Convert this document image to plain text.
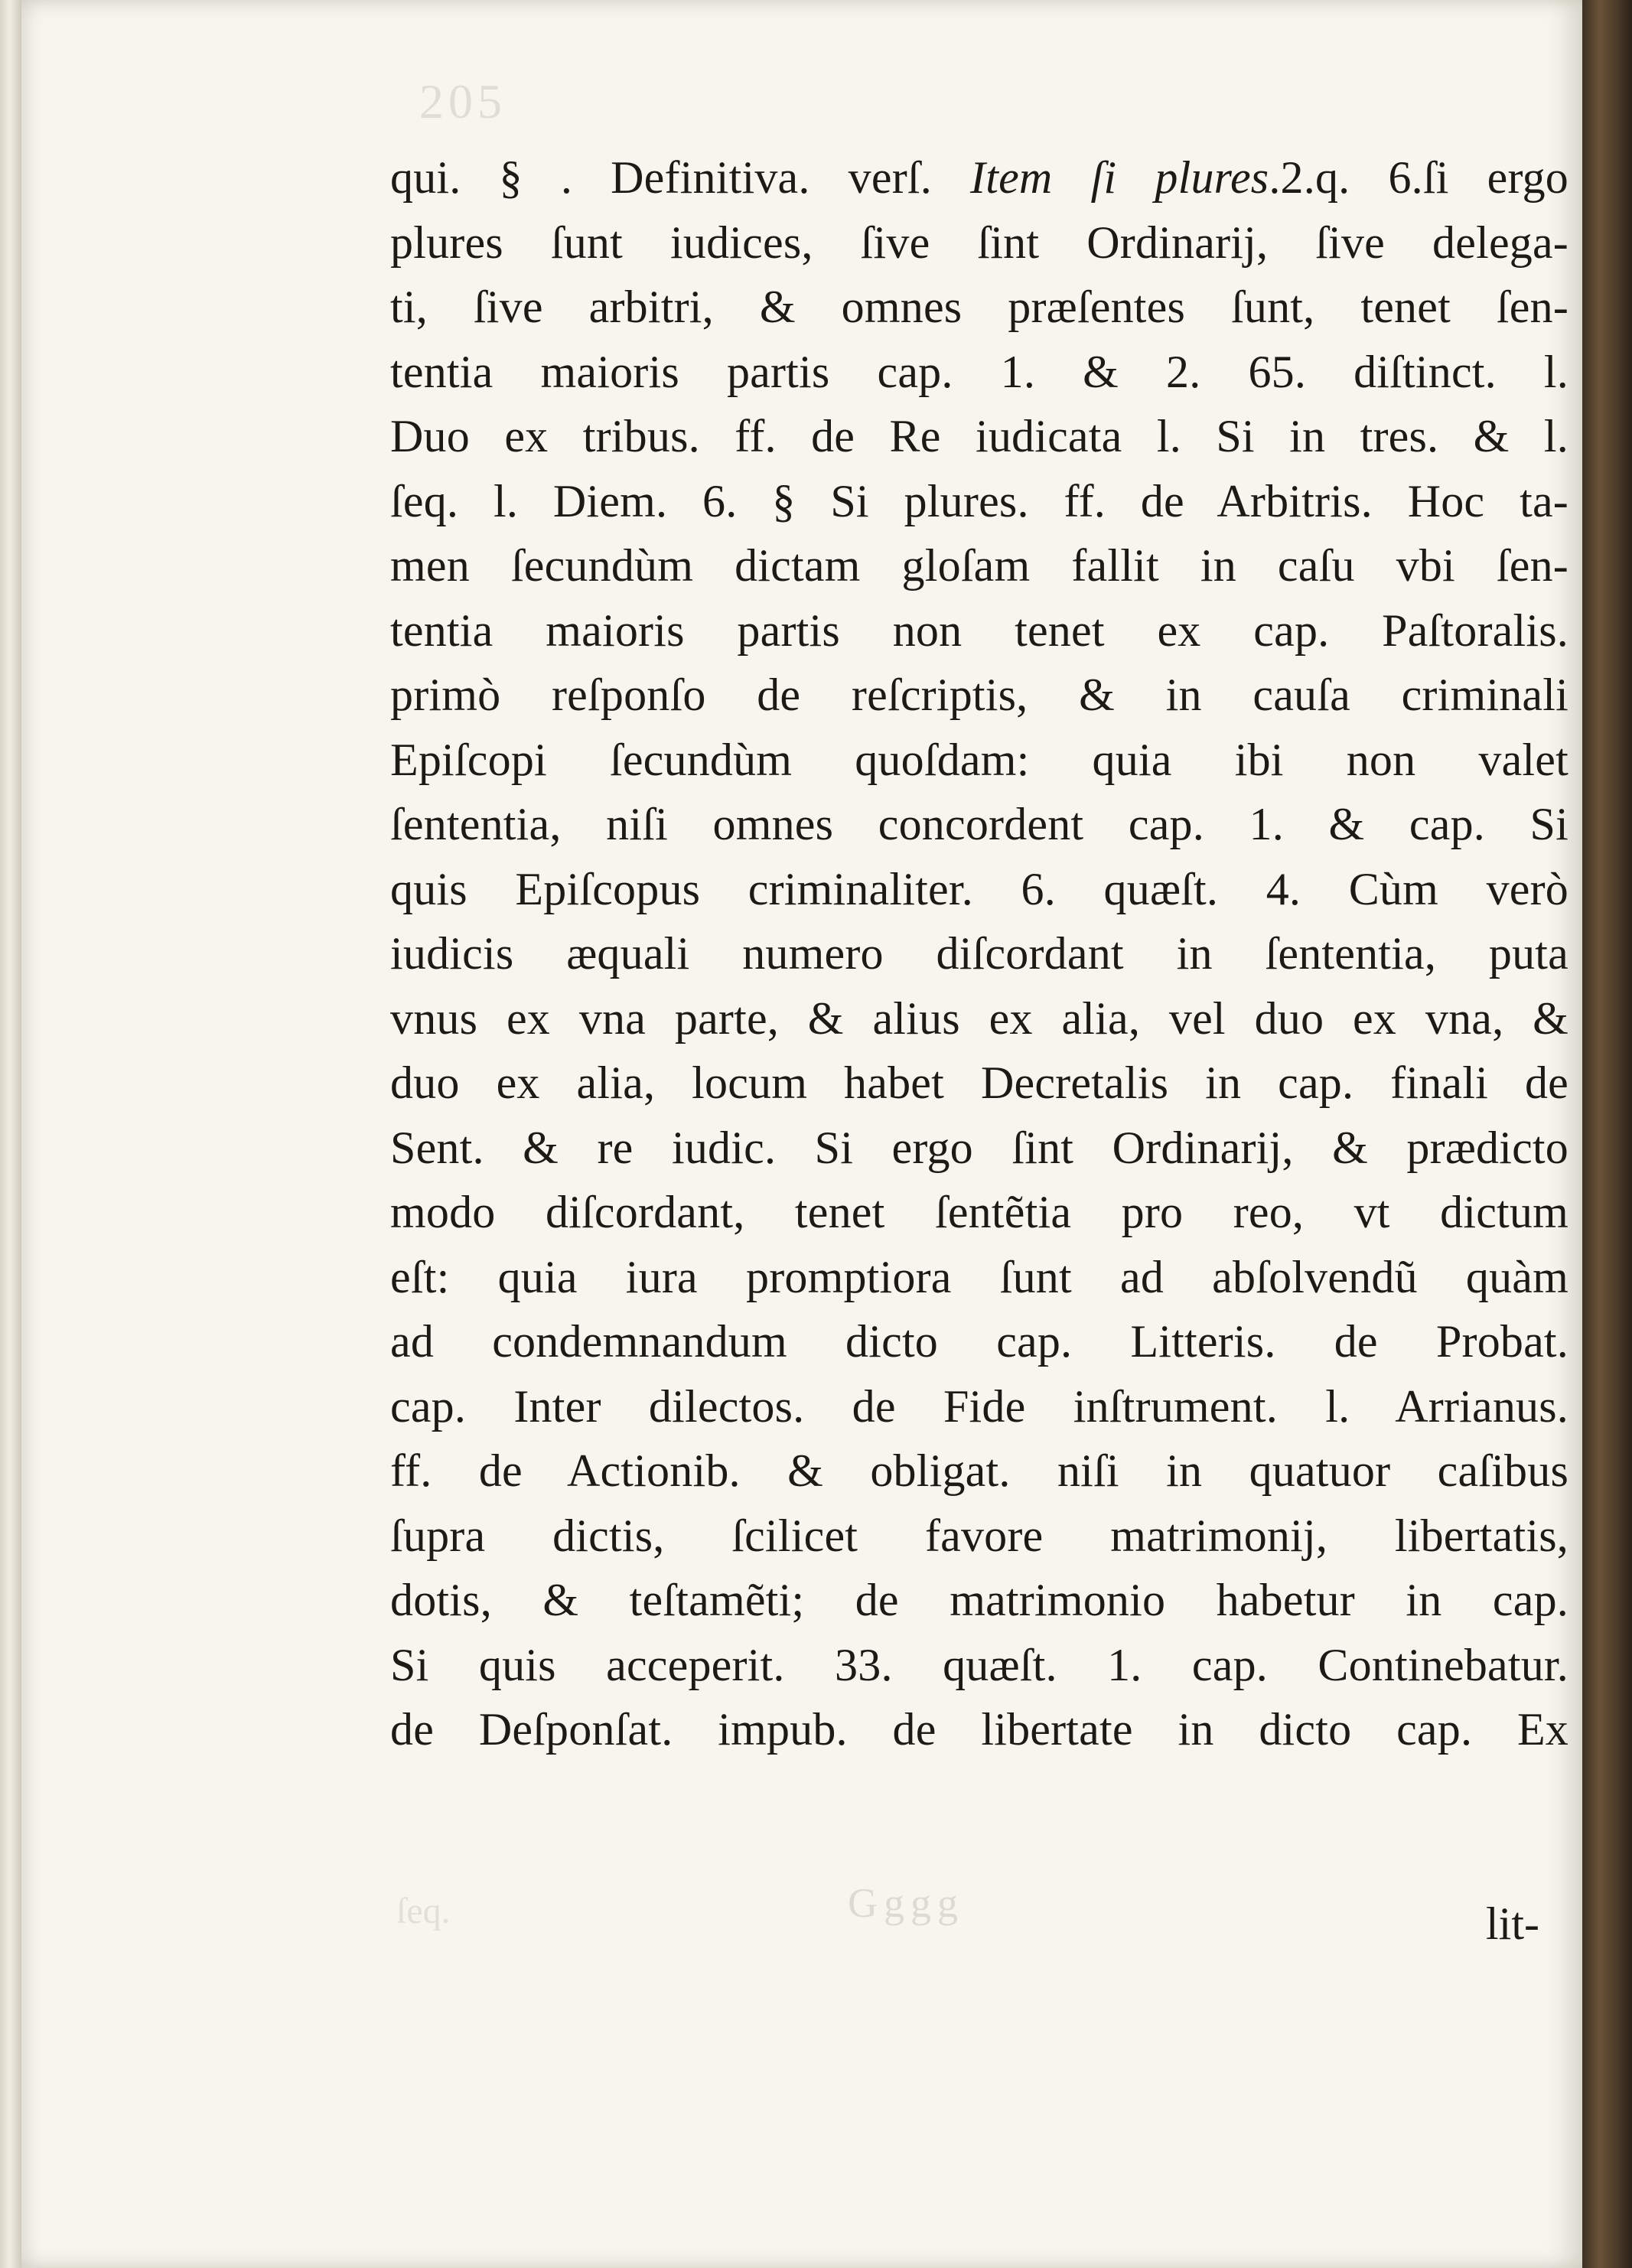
205
qui. § . Definitiva. verſ. Item ſi plures.2.q. 6.ſi ergo
plures ſunt iudices, ſive ſint Ordinarij, ſive delega-
ti, ſive arbitri, & omnes præſentes ſunt, tenet ſen-
tentia maioris partis cap. 1. & 2. 65. diſtinct. l.
Duo ex tribus. ff. de Re iudicata l. Si in tres. & l.
ſeq. l. Diem. 6. § Si plures. ff. de Arbitris. Hoc ta-
men ſecundùm dictam gloſam fallit in caſu vbi ſen-
tentia maioris partis non tenet ex cap. Paſtoralis.
primò reſponſo de reſcriptis, & in cauſa criminali
Epiſcopi ſecundùm quoſdam: quia ibi non valet
ſententia, niſi omnes concordent cap. 1. & cap. Si
quis Epiſcopus criminaliter. 6. quæſt. 4. Cùm verò
iudicis æquali numero diſcordant in ſententia, puta
vnus ex vna parte, & alius ex alia, vel duo ex vna, &
duo ex alia, locum habet Decretalis in cap. finali de
Sent. & re iudic. Si ergo ſint Ordinarij, & prædicto
modo diſcordant, tenet ſentẽtia pro reo, vt dictum
eſt: quia iura promptiora ſunt ad abſolvendũ quàm
ad condemnandum dicto cap. Litteris. de Probat.
cap. Inter dilectos. de Fide inſtrument. l. Arrianus.
ff. de Actionib. & obligat. niſi in quatuor caſibus
ſupra dictis, ſcilicet favore matrimonij, libertatis,
dotis, & teſtamẽti; de matrimonio habetur in cap.
Si quis acceperit. 33. quæſt. 1. cap. Continebatur.
de Deſponſat. impub. de libertate in dicto cap. Ex
ſeq.	Gggg	lit-
